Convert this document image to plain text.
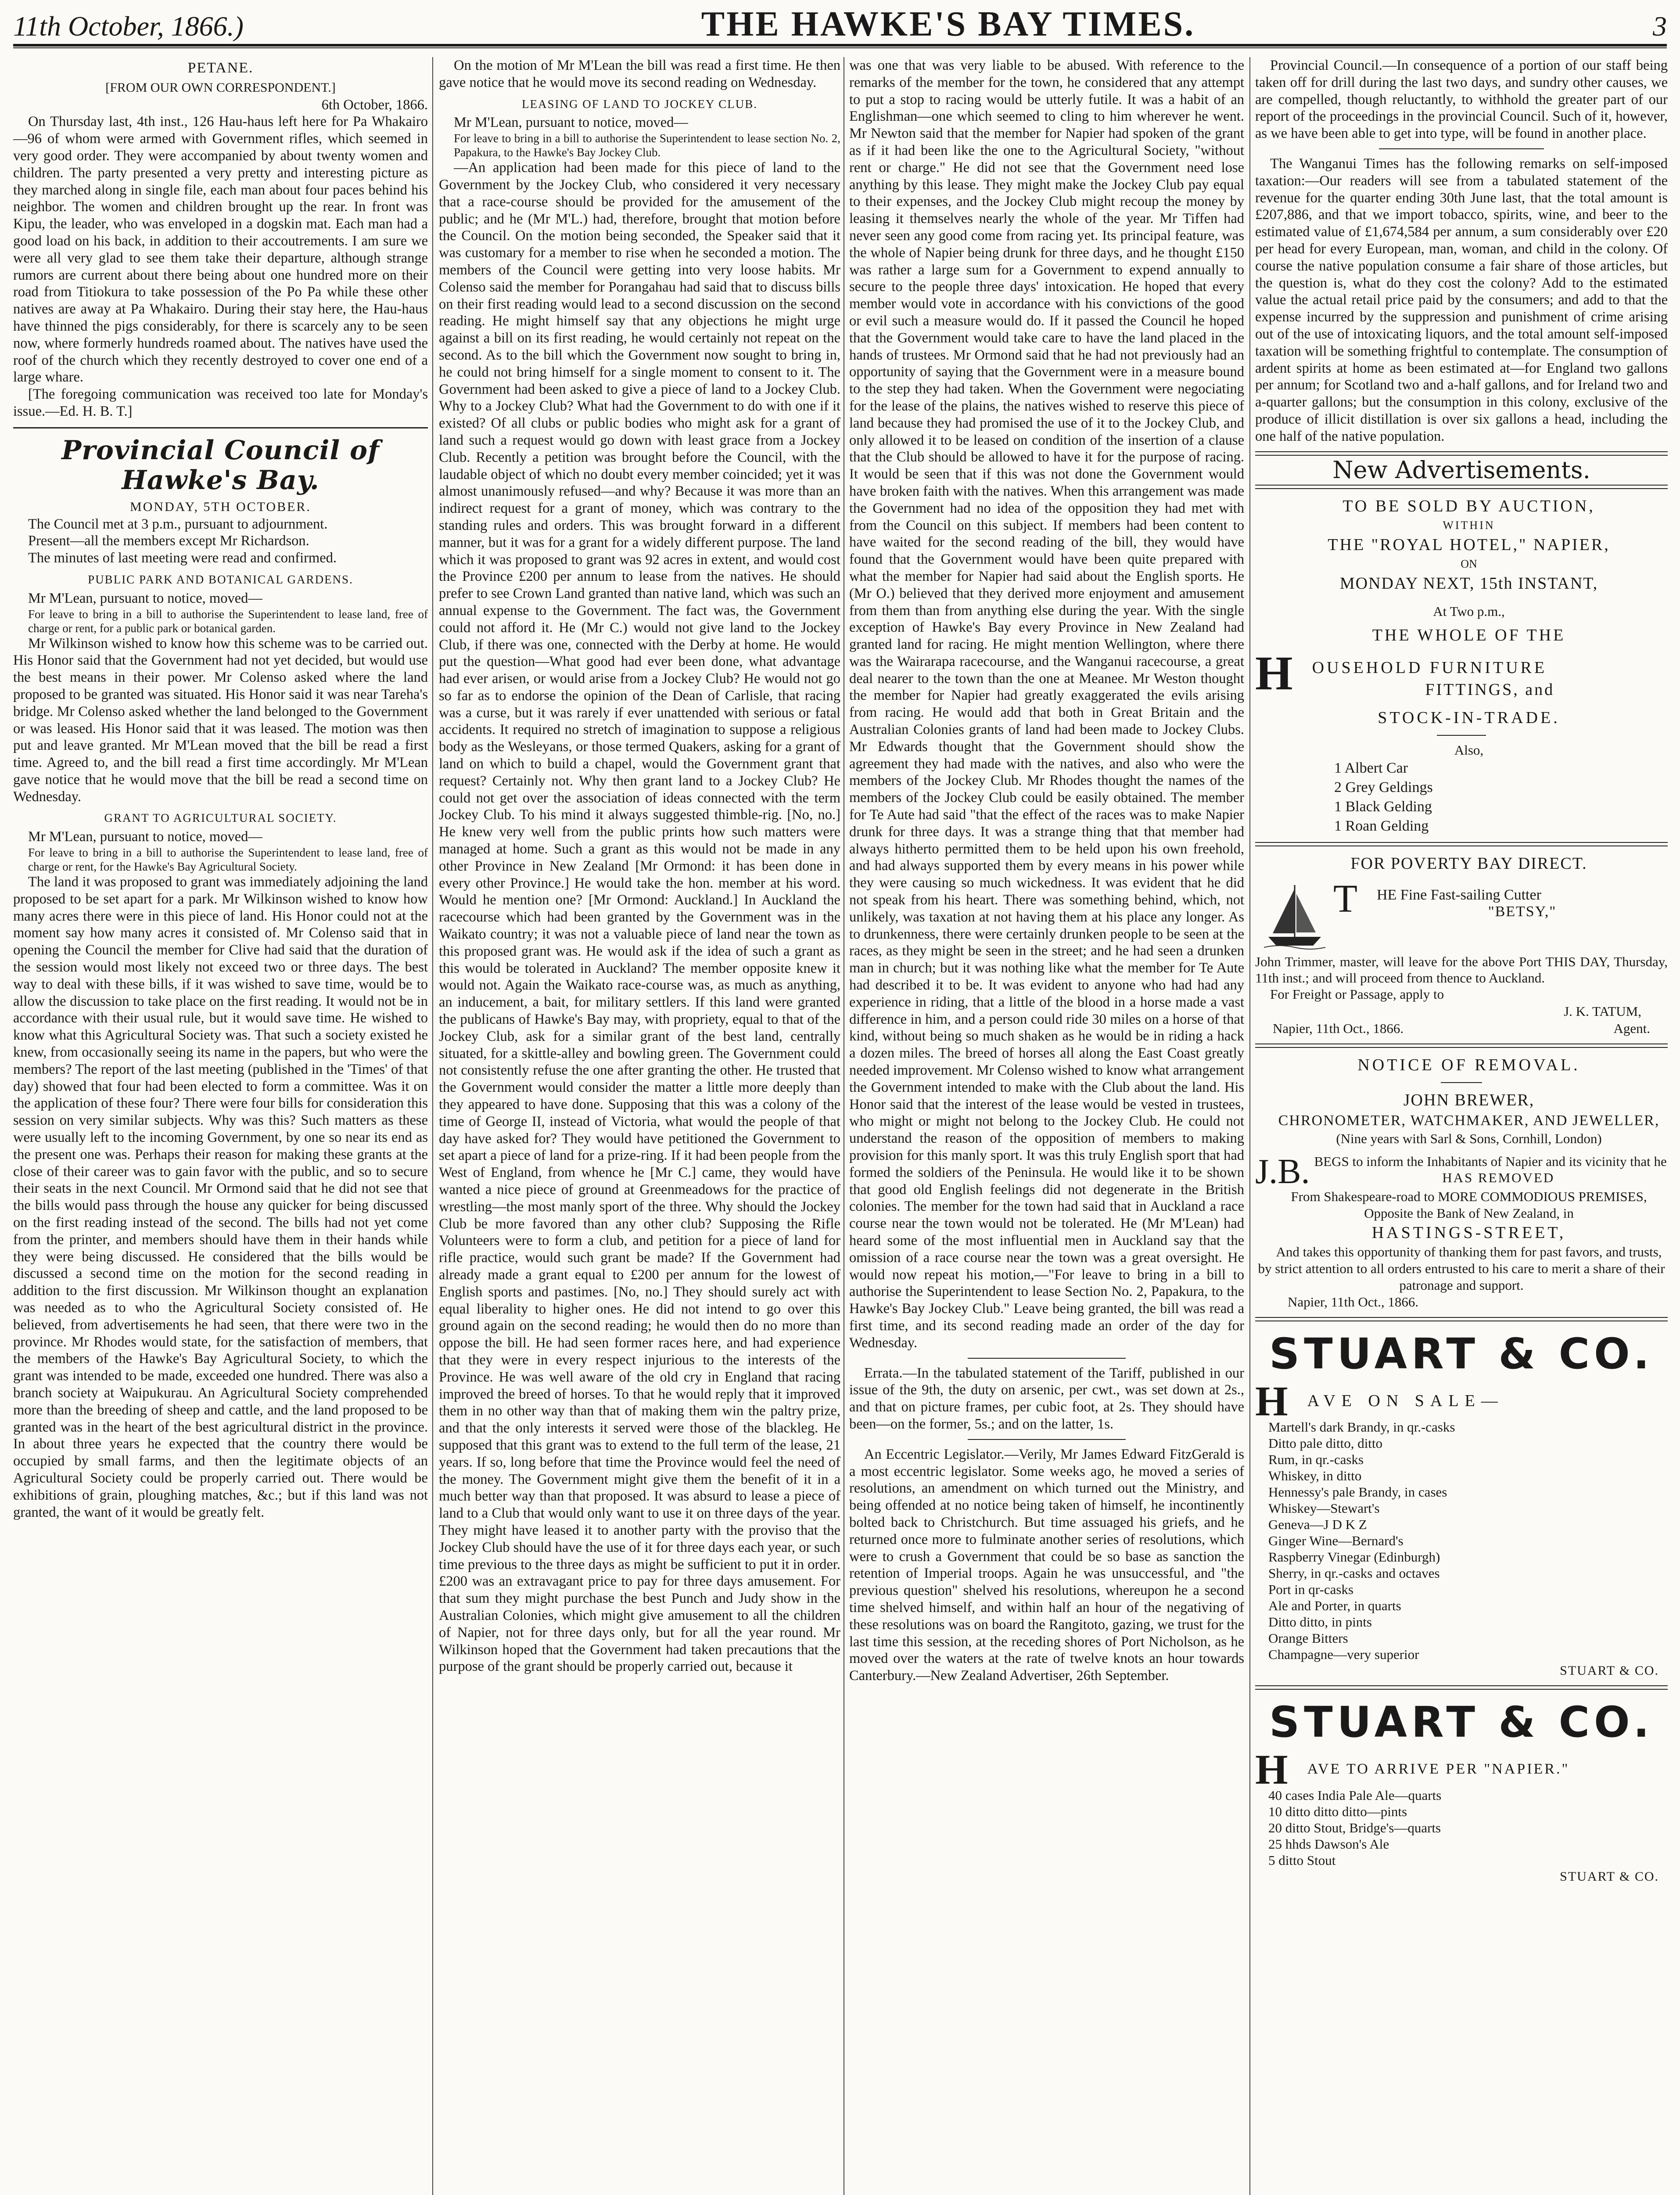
11th October, 1866.)	THE HAWKE'S BAY TIMES.	3

PETANE.

[FROM OUR OWN CORRESPONDENT.]

6th October, 1866.

On Thursday last, 4th inst., 126 Hau-haus left here for Pa Whakairo—96 of whom were armed with Government rifles, which seemed in very good order. They were accompanied by about twenty women and children. The party presented a very pretty and interesting picture as they marched along in single file, each man about four paces behind his neighbor. The women and children brought up the rear. In front was Kipu, the leader, who was enveloped in a dogskin mat. Each man had a good load on his back, in addition to their accoutrements. I am sure we were all very glad to see them take their departure, although strange rumors are current about there being about one hundred more on their road from Titiokura to take possession of the Po Pa while these other natives are away at Pa Whakairo. During their stay here, the Hau-haus have thinned the pigs considerably, for there is scarcely any to be seen now, where formerly hundreds roamed about. The natives have used the roof of the church which they recently destroyed to cover one end of a large whare.

[The foregoing communication was received too late for Monday's issue.—Ed. H. B. T.]

Provincial Council of Hawke's Bay.

MONDAY, 5TH OCTOBER.

The Council met at 3 p.m., pursuant to adjournment.

Present—all the members except Mr Richardson.

The minutes of last meeting were read and confirmed.

PUBLIC PARK AND BOTANICAL GARDENS.

Mr M'Lean, pursuant to notice, moved—

For leave to bring in a bill to authorise the Superintendent to lease land, free of charge or rent, for a public park or botanical garden.

Mr Wilkinson wished to know how this scheme was to be carried out. His Honor said that the Government had not yet decided, but would use the best means in their power. Mr Colenso asked where the land proposed to be granted was situated. His Honor said it was near Tareha's bridge. Mr Colenso asked whether the land belonged to the Government or was leased. His Honor said that it was leased. The motion was then put and leave granted. Mr M'Lean moved that the bill be read a first time. Agreed to, and the bill read a first time accordingly. Mr M'Lean gave notice that he would move that the bill be read a second time on Wednesday.

GRANT TO AGRICULTURAL SOCIETY.

Mr M'Lean, pursuant to notice, moved—

For leave to bring in a bill to authorise the Superintendent to lease land, free of charge or rent, for the Hawke's Bay Agricultural Society.

The land it was proposed to grant was immediately adjoining the land proposed to be set apart for a park. Mr Wilkinson wished to know how many acres there were in this piece of land. His Honor could not at the moment say how many acres it consisted of. Mr Colenso said that in opening the Council the member for Clive had said that the duration of the session would most likely not exceed two or three days. The best way to deal with these bills, if it was wished to save time, would be to allow the discussion to take place on the first reading. It would not be in accordance with their usual rule, but it would save time. He wished to know what this Agricultural Society was. That such a society existed he knew, from occasionally seeing its name in the papers, but who were the members? The report of the last meeting (published in the 'Times' of that day) showed that four had been elected to form a committee. Was it on the application of these four? There were four bills for consideration this session on very similar subjects. Why was this? Such matters as these were usually left to the incoming Government, by one so near its end as the present one was. Perhaps their reason for making these grants at the close of their career was to gain favor with the public, and so to secure their seats in the next Council. Mr Ormond said that he did not see that the bills would pass through the house any quicker for being discussed on the first reading instead of the second. The bills had not yet come from the printer, and members should have them in their hands while they were being discussed. He considered that the bills would be discussed a second time on the motion for the second reading in addition to the first discussion. Mr Wilkinson thought an explanation was needed as to who the Agricultural Society consisted of. He believed, from advertisements he had seen, that there were two in the province. Mr Rhodes would state, for the satisfaction of members, that the members of the Hawke's Bay Agricultural Society, to which the grant was intended to be made, exceeded one hundred. There was also a branch society at Waipukurau. An Agricultural Society comprehended more than the breeding of sheep and cattle, and the land proposed to be granted was in the heart of the best agricultural district in the province. In about three years he expected that the country there would be occupied by small farms, and then the legitimate objects of an Agricultural Society could be properly carried out. There would be exhibitions of grain, ploughing matches, &c.; but if this land was not granted, the want of it would be greatly felt.

On the motion of Mr M'Lean the bill was read a first time. He then gave notice that he would move its second reading on Wednesday.

LEASING OF LAND TO JOCKEY CLUB.

Mr M'Lean, pursuant to notice, moved—

For leave to bring in a bill to authorise the Superintendent to lease section No. 2, Papakura, to the Hawke's Bay Jockey Club.

—An application had been made for this piece of land to the Government by the Jockey Club, who considered it very necessary that a race-course should be provided for the amusement of the public; and he (Mr M'L.) had, therefore, brought that motion before the Council. On the motion being seconded, the Speaker said that it was customary for a member to rise when he seconded a motion. The members of the Council were getting into very loose habits. Mr Colenso said the member for Porangahau had said that to discuss bills on their first reading would lead to a second discussion on the second reading. He might himself say that any objections he might urge against a bill on its first reading, he would certainly not repeat on the second. As to the bill which the Government now sought to bring in, he could not bring himself for a single moment to consent to it. The Government had been asked to give a piece of land to a Jockey Club. Why to a Jockey Club? What had the Government to do with one if it existed? Of all clubs or public bodies who might ask for a grant of land such a request would go down with least grace from a Jockey Club. Recently a petition was brought before the Council, with the laudable object of which no doubt every member coincided; yet it was almost unanimously refused—and why? Because it was more than an indirect request for a grant of money, which was contrary to the standing rules and orders. This was brought forward in a different manner, but it was for a grant for a widely different purpose. The land which it was proposed to grant was 92 acres in extent, and would cost the Province £200 per annum to lease from the natives. He should prefer to see Crown Land granted than native land, which was such an annual expense to the Government. The fact was, the Government could not afford it. He (Mr C.) would not give land to the Jockey Club, if there was one, connected with the Derby at home. He would put the question—What good had ever been done, what advantage had ever arisen, or would arise from a Jockey Club? He would not go so far as to endorse the opinion of the Dean of Carlisle, that racing was a curse, but it was rarely if ever unattended with serious or fatal accidents. It required no stretch of imagination to suppose a religious body as the Wesleyans, or those termed Quakers, asking for a grant of land on which to build a chapel, would the Government grant that request? Certainly not. Why then grant land to a Jockey Club? He could not get over the association of ideas connected with the term Jockey Club. To his mind it always suggested thimble-rig. [No, no.] He knew very well from the public prints how such matters were managed at home. Such a grant as this would not be made in any other Province in New Zealand [Mr Ormond: it has been done in every other Province.] He would take the hon. member at his word. Would he mention one? [Mr Ormond: Auckland.] In Auckland the racecourse which had been granted by the Government was in the Waikato country; it was not a valuable piece of land near the town as this proposed grant was. He would ask if the idea of such a grant as this would be tolerated in Auckland? The member opposite knew it would not. Again the Waikato race-course was, as much as anything, an inducement, a bait, for military settlers. If this land were granted the publicans of Hawke's Bay may, with propriety, equal to that of the Jockey Club, ask for a similar grant of the best land, centrally situated, for a skittle-alley and bowling green. The Government could not consistently refuse the one after granting the other. He trusted that the Government would consider the matter a little more deeply than they appeared to have done. Supposing that this was a colony of the time of George II, instead of Victoria, what would the people of that day have asked for? They would have petitioned the Government to set apart a piece of land for a prize-ring. If it had been people from the West of England, from whence he [Mr C.] came, they would have wanted a nice piece of ground at Greenmeadows for the practice of wrestling—the most manly sport of the three. Why should the Jockey Club be more favored than any other club? Supposing the Rifle Volunteers were to form a club, and petition for a piece of land for rifle practice, would such grant be made? If the Government had already made a grant equal to £200 per annum for the lowest of English sports and pastimes. [No, no.] They should surely act with equal liberality to higher ones. He did not intend to go over this ground again on the second reading; he would then do no more than oppose the bill. He had seen former races here, and had experience that they were in every respect injurious to the interests of the Province. He was well aware of the old cry in England that racing improved the breed of horses. To that he would reply that it improved them in no other way than that of making them win the paltry prize, and that the only interests it served were those of the blackleg. He supposed that this grant was to extend to the full term of the lease, 21 years. If so, long before that time the Province would feel the need of the money. The Government might give them the benefit of it in a much better way than that proposed. It was absurd to lease a piece of land to a Club that would only want to use it on three days of the year. They might have leased it to another party with the proviso that the Jockey Club should have the use of it for three days each year, or such time previous to the three days as might be sufficient to put it in order. £200 was an extravagant price to pay for three days amusement. For that sum they might purchase the best Punch and Judy show in the Australian Colonies, which might give amusement to all the children of Napier, not for three days only, but for all the year round. Mr Wilkinson hoped that the Government had taken precautions that the purpose of the grant should be properly carried out, because it

was one that was very liable to be abused. With reference to the remarks of the member for the town, he considered that any attempt to put a stop to racing would be utterly futile. It was a habit of an Englishman—one which seemed to cling to him wherever he went. Mr Newton said that the member for Napier had spoken of the grant as if it had been like the one to the Agricultural Society, "without rent or charge." He did not see that the Government need lose anything by this lease. They might make the Jockey Club pay equal to their expenses, and the Jockey Club might recoup the money by leasing it themselves nearly the whole of the year. Mr Tiffen had never seen any good come from racing yet. Its principal feature, was the whole of Napier being drunk for three days, and he thought £150 was rather a large sum for a Government to expend annually to secure to the people three days' intoxication. He hoped that every member would vote in accordance with his convictions of the good or evil such a measure would do. If it passed the Council he hoped that the Government would take care to have the land placed in the hands of trustees. Mr Ormond said that he had not previously had an opportunity of saying that the Government were in a measure bound to the step they had taken. When the Government were negociating for the lease of the plains, the natives wished to reserve this piece of land because they had promised the use of it to the Jockey Club, and only allowed it to be leased on condition of the insertion of a clause that the Club should be allowed to have it for the purpose of racing. It would be seen that if this was not done the Government would have broken faith with the natives. When this arrangement was made the Government had no idea of the opposition they had met with from the Council on this subject. If members had been content to have waited for the second reading of the bill, they would have found that the Government would have been quite prepared with what the member for Napier had said about the English sports. He (Mr O.) believed that they derived more enjoyment and amusement from them than from anything else during the year. With the single exception of Hawke's Bay every Province in New Zealand had granted land for racing. He might mention Wellington, where there was the Wairarapa racecourse, and the Wanganui racecourse, a great deal nearer to the town than the one at Meanee. Mr Weston thought the member for Napier had greatly exaggerated the evils arising from racing. He would add that both in Great Britain and the Australian Colonies grants of land had been made to Jockey Clubs. Mr Edwards thought that the Government should show the agreement they had made with the natives, and also who were the members of the Jockey Club. Mr Rhodes thought the names of the members of the Jockey Club could be easily obtained. The member for Te Aute had said "that the effect of the races was to make Napier drunk for three days. It was a strange thing that that member had always hitherto permitted them to be held upon his own freehold, and had always supported them by every means in his power while they were causing so much wickedness. It was evident that he did not speak from his heart. There was something behind, which, not unlikely, was taxation at not having them at his place any longer. As to drunkenness, there were certainly drunken people to be seen at the races, as they might be seen in the street; and he had seen a drunken man in church; but it was nothing like what the member for Te Aute had described it to be. It was evident to anyone who had had any experience in riding, that a little of the blood in a horse made a vast difference in him, and a person could ride 30 miles on a horse of that kind, without being so much shaken as he would be in riding a hack a dozen miles. The breed of horses all along the East Coast greatly needed improvement. Mr Colenso wished to know what arrangement the Government intended to make with the Club about the land. His Honor said that the interest of the lease would be vested in trustees, who might or might not belong to the Jockey Club. He could not understand the reason of the opposition of members to making provision for this manly sport. It was this truly English sport that had formed the soldiers of the Peninsula. He would like it to be shown that good old English feelings did not degenerate in the British colonies. The member for the town had said that in Auckland a race course near the town would not be tolerated. He (Mr M'Lean) had heard some of the most influential men in Auckland say that the omission of a race course near the town was a great oversight. He would now repeat his motion,—"For leave to bring in a bill to authorise the Superintendent to lease Section No. 2, Papakura, to the Hawke's Bay Jockey Club." Leave being granted, the bill was read a first time, and its second reading made an order of the day for Wednesday.

Errata.—In the tabulated statement of the Tariff, published in our issue of the 9th, the duty on arsenic, per cwt., was set down at 2s., and that on picture frames, per cubic foot, at 2s. They should have been—on the former, 5s.; and on the latter, 1s.

An Eccentric Legislator.—Verily, Mr James Edward FitzGerald is a most eccentric legislator. Some weeks ago, he moved a series of resolutions, an amendment on which turned out the Ministry, and being offended at no notice being taken of himself, he incontinently bolted back to Christchurch. But time assuaged his griefs, and he returned once more to fulminate another series of resolutions, which were to crush a Government that could be so base as sanction the retention of Imperial troops. Again he was unsuccessful, and "the previous question" shelved his resolutions, whereupon he a second time shelved himself, and within half an hour of the negativing of these resolutions was on board the Rangitoto, gazing, we trust for the last time this session, at the receding shores of Port Nicholson, as he moved over the waters at the rate of twelve knots an hour towards Canterbury.—New Zealand Advertiser, 26th September.

Provincial Council.—In consequence of a portion of our staff being taken off for drill during the last two days, and sundry other causes, we are compelled, though reluctantly, to withhold the greater part of our report of the proceedings in the provincial Council. Such of it, however, as we have been able to get into type, will be found in another place.

The Wanganui Times has the following remarks on self-imposed taxation:—Our readers will see from a tabulated statement of the revenue for the quarter ending 30th June last, that the total amount is £207,886, and that we import tobacco, spirits, wine, and beer to the estimated value of £1,674,584 per annum, a sum considerably over £20 per head for every European, man, woman, and child in the colony. Of course the native population consume a fair share of those articles, but the question is, what do they cost the colony? Add to the estimated value the actual retail price paid by the consumers; and add to that the expense incurred by the suppression and punishment of crime arising out of the use of intoxicating liquors, and the total amount self-imposed taxation will be something frightful to contemplate. The consumption of ardent spirits at home as been estimated at—for England two gallons per annum; for Scotland two and a-half gallons, and for Ireland two and a-quarter gallons; but the consumption in this colony, exclusive of the produce of illicit distillation is over six gallons a head, including the one half of the native population.

New Advertisements.

TO BE SOLD BY AUCTION,

WITHIN

THE "ROYAL HOTEL," NAPIER,

ON

MONDAY NEXT, 15th INSTANT,

At Two p.m.,

THE WHOLE OF THE

H	OUSEHOLD FURNITURE

FITTINGS, and

STOCK-IN-TRADE.

Also,

1 Albert Car

2 Grey Geldings

1 Black Gelding

1 Roan Gelding

FOR POVERTY BAY DIRECT.

T	HE Fine Fast-sailing Cutter

"BETSY,"

John Trimmer, master, will leave for the above Port THIS DAY, Thursday, 11th inst.; and will proceed from thence to Auckland.

For Freight or Passage, apply to

J. K. TATUM,

Napier, 11th Oct., 1866.	Agent.

NOTICE OF REMOVAL.

JOHN BREWER,

CHRONOMETER, WATCHMAKER, AND JEWELLER,

(Nine years with Sarl & Sons, Cornhill, London)

J.B. BEGS to inform the Inhabitants of Napier and its vicinity that he

HAS REMOVED

From Shakespeare-road to MORE COMMODIOUS PREMISES,

Opposite the Bank of New Zealand, in

HASTINGS-STREET,

And takes this opportunity of thanking them for past favors, and trusts, by strict attention to all orders entrusted to his care to merit a share of their patronage and support.

Napier, 11th Oct., 1866.

STUART & CO.
H	AVE ON SALE—

Martell's dark Brandy, in qr.-casks

Ditto pale ditto, ditto

Rum, in qr.-casks

Whiskey, in ditto

Hennessy's pale Brandy, in cases

Whiskey—Stewart's

Geneva—J D K Z

Ginger Wine—Bernard's

Raspberry Vinegar (Edinburgh)

Sherry, in qr.-casks and octaves

Port in qr-casks

Ale and Porter, in quarts

Ditto ditto, in pints

Orange Bitters

Champagne—very superior

STUART & CO.

STUART & CO.
H	AVE TO ARRIVE PER "NAPIER."

40 cases India Pale Ale—quarts

10 ditto ditto ditto—pints

20 ditto Stout, Bridge's—quarts

25 hhds Dawson's Ale

5 ditto Stout

STUART & CO.
